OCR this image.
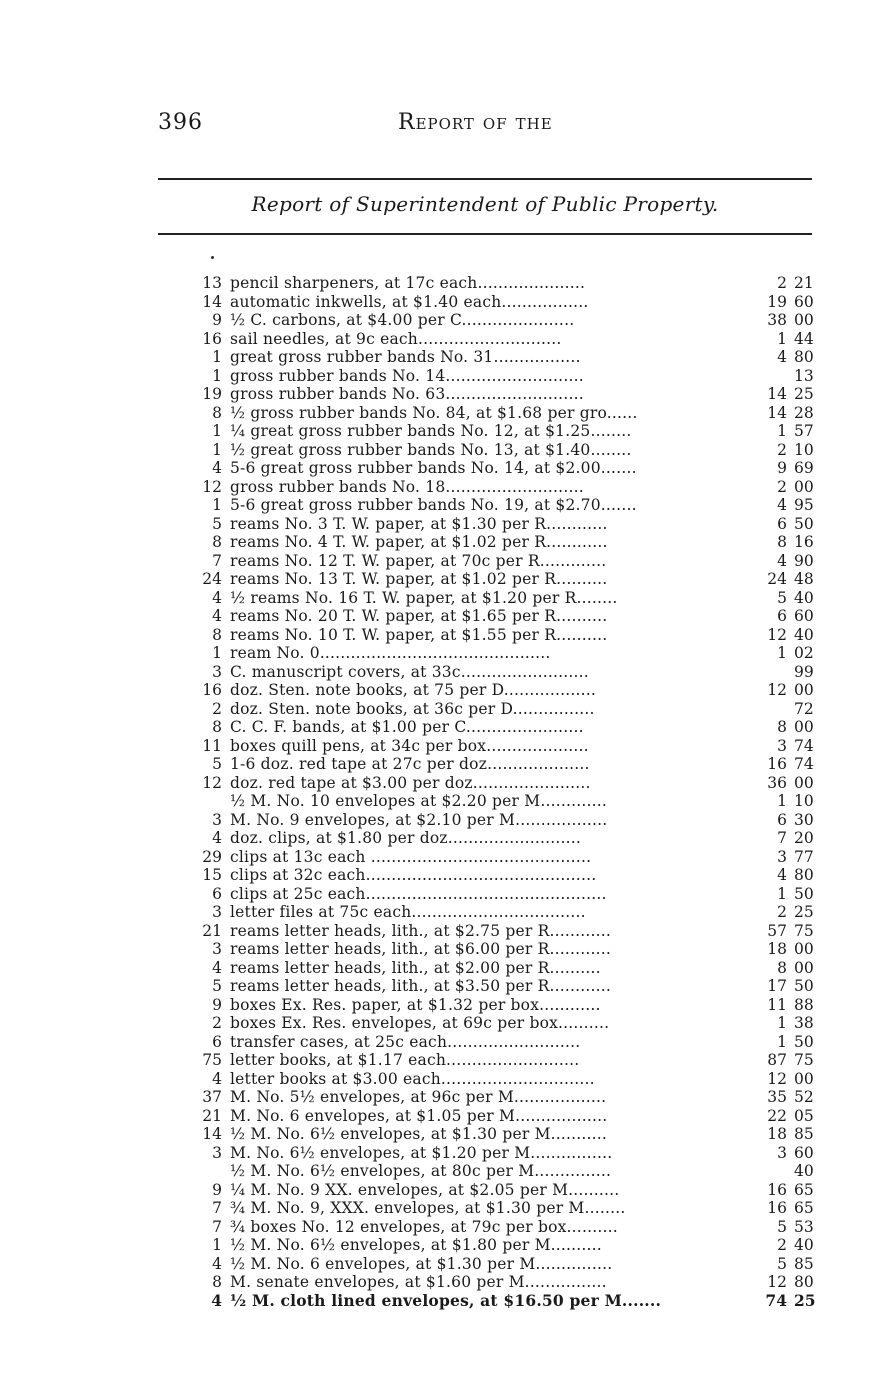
396	Report of the
Report of Superintendent of Public Property.
13 pencil sharpeners, at 17c each.....................	2 21
14 automatic inkwells, at $1.40 each.................	19 60
9 ½ C. carbons, at $4.00 per C......................	38 00
16 sail needles, at 9c each............................	1 44
1 great gross rubber bands No. 31.................	4 80
1 gross rubber bands No. 14...........................	13
19 gross rubber bands No. 63...........................	14 25
8 ½ gross rubber bands No. 84, at $1.68 per gro......	14 28
1 ¼ great gross rubber bands No. 12, at $1.25........	1 57
1 ½ great gross rubber bands No. 13, at $1.40........	2 10
4 5-6 great gross rubber bands No. 14, at $2.00.......	9 69
12 gross rubber bands No. 18...........................	2 00
1 5-6 great gross rubber bands No. 19, at $2.70.......	4 95
5 reams No. 3 T. W. paper, at $1.30 per R............	6 50
8 reams No. 4 T. W. paper, at $1.02 per R............	8 16
7 reams No. 12 T. W. paper, at 70c per R.............	4 90
24 reams No. 13 T. W. paper, at $1.02 per R..........	24 48
4 ½ reams No. 16 T. W. paper, at $1.20 per R........	5 40
4 reams No. 20 T. W. paper, at $1.65 per R..........	6 60
8 reams No. 10 T. W. paper, at $1.55 per R..........	12 40
1 ream No. 0.............................................	1 02
3 C. manuscript covers, at 33c.........................	99
16 doz. Sten. note books, at 75 per D..................	12 00
2 doz. Sten. note books, at 36c per D................	72
8 C. C. F. bands, at $1.00 per C.......................	8 00
11 boxes quill pens, at 34c per box....................	3 74
5 1-6 doz. red tape at 27c per doz....................	16 74
12 doz. red tape at $3.00 per doz.......................	36 00
½ M. No. 10 envelopes at $2.20 per M.............	1 10
3 M. No. 9 envelopes, at $2.10 per M..................	6 30
4 doz. clips, at $1.80 per doz..........................	7 20
29 clips at 13c each ...........................................	3 77
15 clips at 32c each.............................................	4 80
6 clips at 25c each...............................................	1 50
3 letter files at 75c each..................................	2 25
21 reams letter heads, lith., at $2.75 per R............	57 75
3 reams letter heads, lith., at $6.00 per R............	18 00
4 reams letter heads, lith., at $2.00 per R..........	8 00
5 reams letter heads, lith., at $3.50 per R............	17 50
9 boxes Ex. Res. paper, at $1.32 per box............	11 88
2 boxes Ex. Res. envelopes, at 69c per box..........	1 38
6 transfer cases, at 25c each..........................	1 50
75 letter books, at $1.17 each..........................	87 75
4 letter books at $3.00 each..............................	12 00
37 M. No. 5½ envelopes, at 96c per M..................	35 52
21 M. No. 6 envelopes, at $1.05 per M..................	22 05
14 ½ M. No. 6½ envelopes, at $1.30 per M...........	18 85
3 M. No. 6½ envelopes, at $1.20 per M................	3 60
½ M. No. 6½ envelopes, at 80c per M...............	40
9 ¼ M. No. 9 XX. envelopes, at $2.05 per M..........	16 65
7 ¾ M. No. 9, XXX. envelopes, at $1.30 per M........	16 65
7 ¾ boxes No. 12 envelopes, at 79c per box..........	5 53
1 ½ M. No. 6½ envelopes, at $1.80 per M..........	2 40
4 ½ M. No. 6 envelopes, at $1.30 per M...............	5 85
8 M. senate envelopes, at $1.60 per M................	12 80
4 ½ M. cloth lined envelopes, at $16.50 per M.......	74 25
